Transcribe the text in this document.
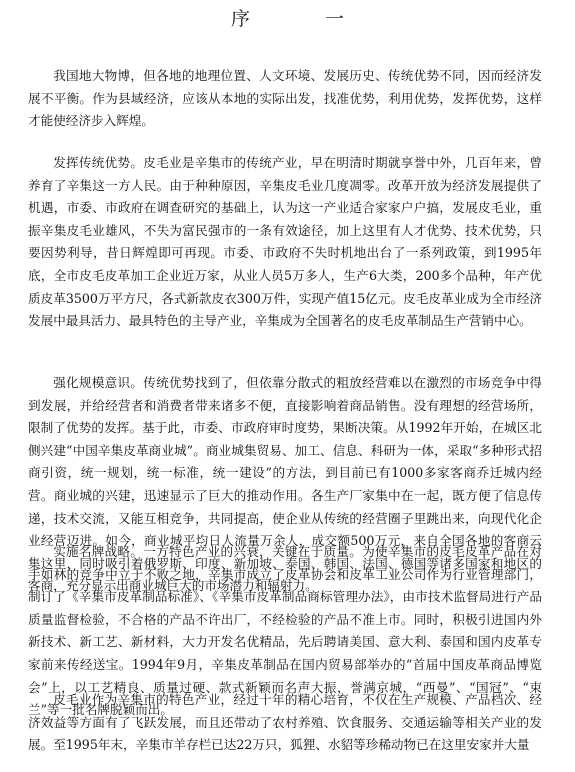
序　一

我国地大物博，但各地的地理位置、人文环境、发展历史、传统优势不同，因而经济发展不平衡。作为县域经济，应该从本地的实际出发，找准优势，利用优势，发挥优势，这样才能使经济步入辉煌。

发挥传统优势。皮毛业是辛集市的传统产业，早在明清时期就享誉中外，几百年来，曾养育了辛集这一方人民。由于种种原因，辛集皮毛业几度凋零。改革开放为经济发展提供了机遇，市委、市政府在调查研究的基础上，认为这一产业适合家家户户搞，发展皮毛业，重振辛集皮毛业雄风，不失为富民强市的一条有效途径，加上这里有人才优势、技术优势，只要因势利导，昔日辉煌即可再现。市委、市政府不失时机地出台了一系列政策，到1995年底，全市皮毛皮革加工企业近万家，从业人员5万多人，生产6大类，200多个品种，年产优质皮革3500万平方尺，各式新款皮衣300万件，实现产值15亿元。皮毛皮革业成为全市经济发展中最具活力、最具特色的主导产业，辛集成为全国著名的皮毛皮革制品生产营销中心。

强化规模意识。传统优势找到了，但依靠分散式的粗放经营难以在激烈的市场竞争中得到发展，并给经营者和消费者带来诸多不便，直接影响着商品销售。没有理想的经营场所，限制了优势的发挥。基于此，市委、市政府审时度势，果断决策。从1992年开始，在城区北侧兴建“中国辛集皮革商业城”。商业城集贸易、加工、信息、科研为一体，采取“多种形式招商引资，统一规划，统一标准，统一建设”的方法，到目前已有1000多家客商乔迁城内经营。商业城的兴建，迅速显示了巨大的推动作用。各生产厂家集中在一起，既方便了信息传递，技术交流，又能互相竞争，共同提高，使企业从传统的经营圈子里跳出来，向现代化企业经营迈进。如今，商业城平均日人流量万余人，成交额500万元，来自全国各地的客商云集这里，同时吸引着俄罗斯、印度、新加坡、泰国、韩国、法国、德国等诸多国家和地区的客商，充分显示出商业城巨大的市场潜力和辐射力。

实施名牌战略。一方特色产业的兴衰，关键在于质量。为使辛集市的皮毛皮革产品在对手如林的竞争中立于不败之地，辛集市成立了皮革协会和皮革工业公司作为行业管理部门，制订了《辛集市皮革制品标准》、《辛集市皮革制品商标管理办法》，由市技术监督局进行产品质量监督检验，不合格的产品不许出厂，不经检验的产品不准上市。同时，积极引进国内外新技术、新工艺、新材料，大力开发名优精品，先后聘请美国、意大利、泰国和国内皮革专家前来传经送宝。1994年9月，辛集皮革制品在国内贸易部举办的“首届中国皮革商品博览会”上，以工艺精良、质量过硬、款式新颖而名声大振，誉满京城，“西曼”、“国冠”、“束兰”等一批名牌脱颖而出。

皮毛业作为辛集市的特色产业，经过十年的精心培育，不仅在生产规模、产品档次、经济效益等方面有了飞跃发展，而且还带动了农村养殖、饮食服务、交通运输等相关产业的发展。至1995年末，辛集市羊存栏已达22万只，狐狸、水貂等珍稀动物已在这里安家并大量
